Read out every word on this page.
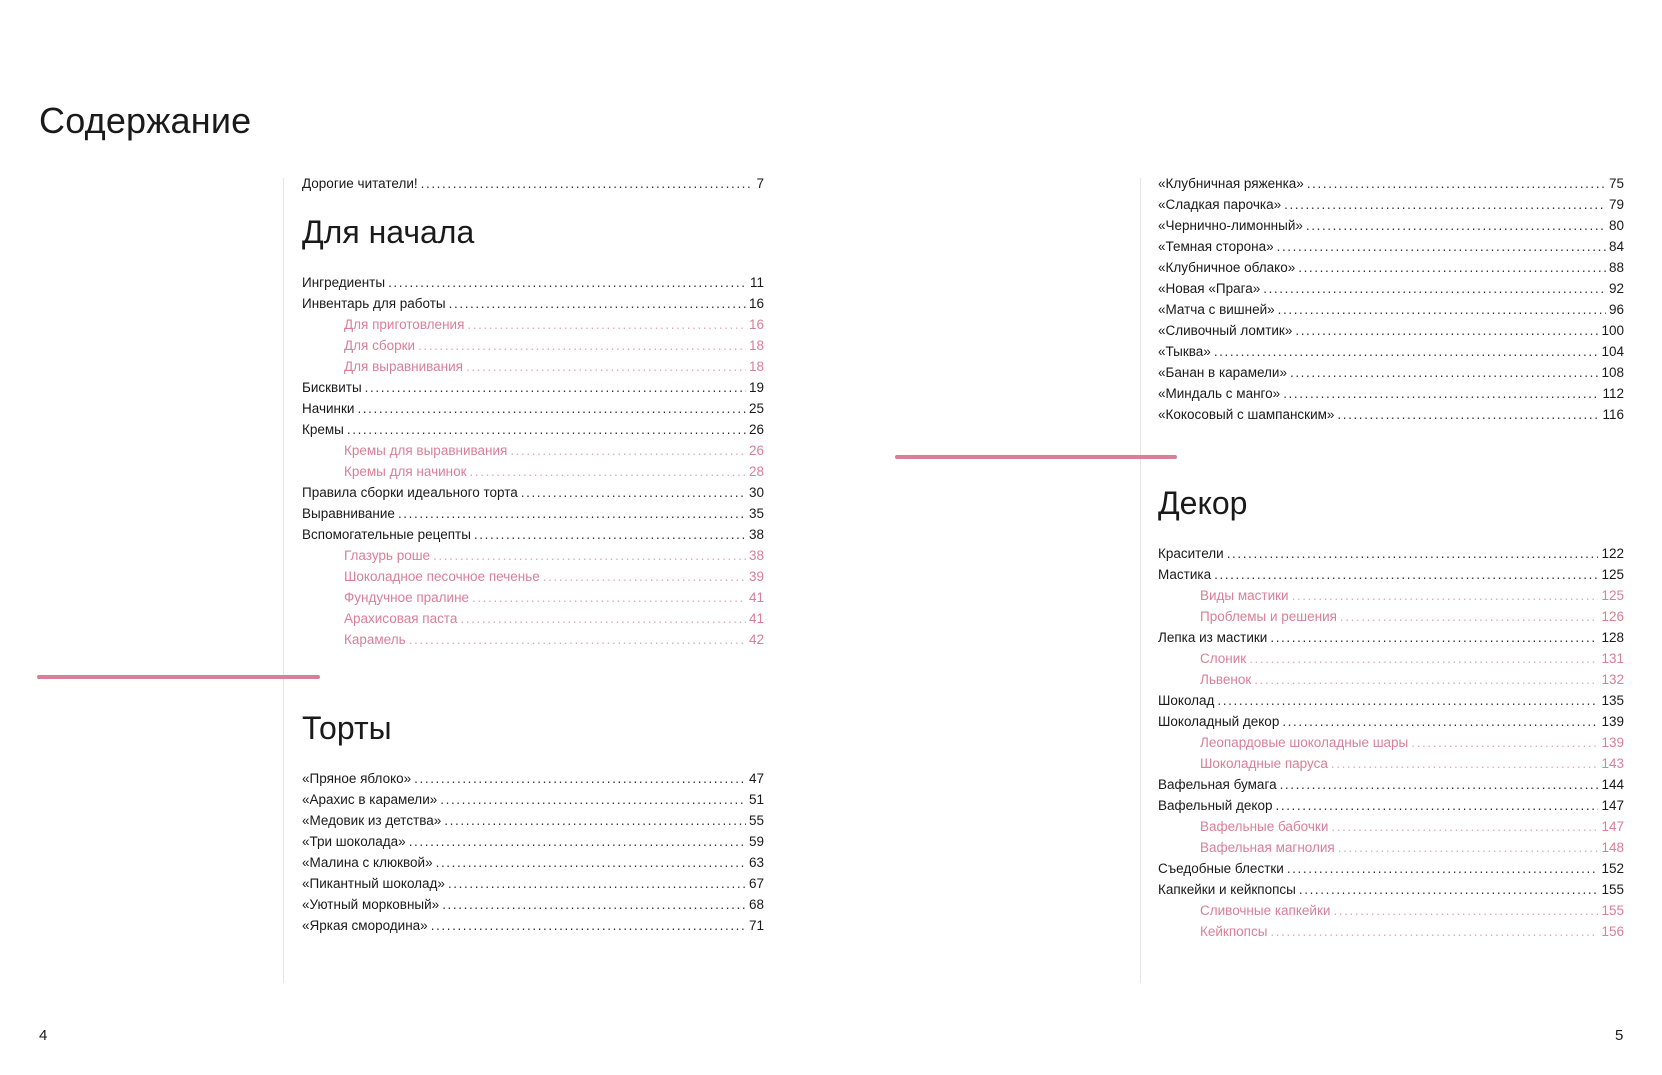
Содержание
Дорогие читатели! .....	7
Для начала
Ингредиенты .....	11
Инвентарь для работы .....	16
Для приготовления .....	16
Для сборки .....	18
Для выравнивания .....	18
Бисквиты .....	19
Начинки .....	25
Кремы .....	26
Кремы для выравнивания .....	26
Кремы для начинок .....	28
Правила сборки идеального торта .....	30
Выравнивание .....	35
Вспомогательные рецепты .....	38
Глазурь роше .....	38
Шоколадное песочное печенье .....	39
Фундучное пралине .....	41
Арахисовая паста .....	41
Карамель .....	42
Торты
«Пряное яблоко» .....	47
«Арахис в карамели» .....	51
«Медовик из детства» .....	55
«Три шоколада» .....	59
«Малина с клюквой» .....	63
«Пикантный шоколад» .....	67
«Уютный морковный» .....	68
«Яркая смородина» .....	71
«Клубничная ряженка» .....	75
«Сладкая парочка» .....	79
«Чернично-лимонный» .....	80
«Темная сторона» .....	84
«Клубничное облако» .....	88
«Новая «Прага» .....	92
«Матча с вишней» .....	96
«Сливочный ломтик» .....	100
«Тыква» .....	104
«Банан в карамели» .....	108
«Миндаль с манго» .....	112
«Кокосовый с шампанским» .....	116
Декор
Красители .....	122
Мастика .....	125
Виды мастики .....	125
Проблемы и решения .....	126
Лепка из мастики .....	128
Слоник .....	131
Львенок .....	132
Шоколад .....	135
Шоколадный декор .....	139
Леопардовые шоколадные шары .....	139
Шоколадные паруса .....	143
Вафельная бумага .....	144
Вафельный декор .....	147
Вафельные бабочки .....	147
Вафельная магнолия .....	148
Съедобные блестки .....	152
Капкейки и кейкпопсы .....	155
Сливочные капкейки .....	155
Кейкпопсы .....	156
4	5
